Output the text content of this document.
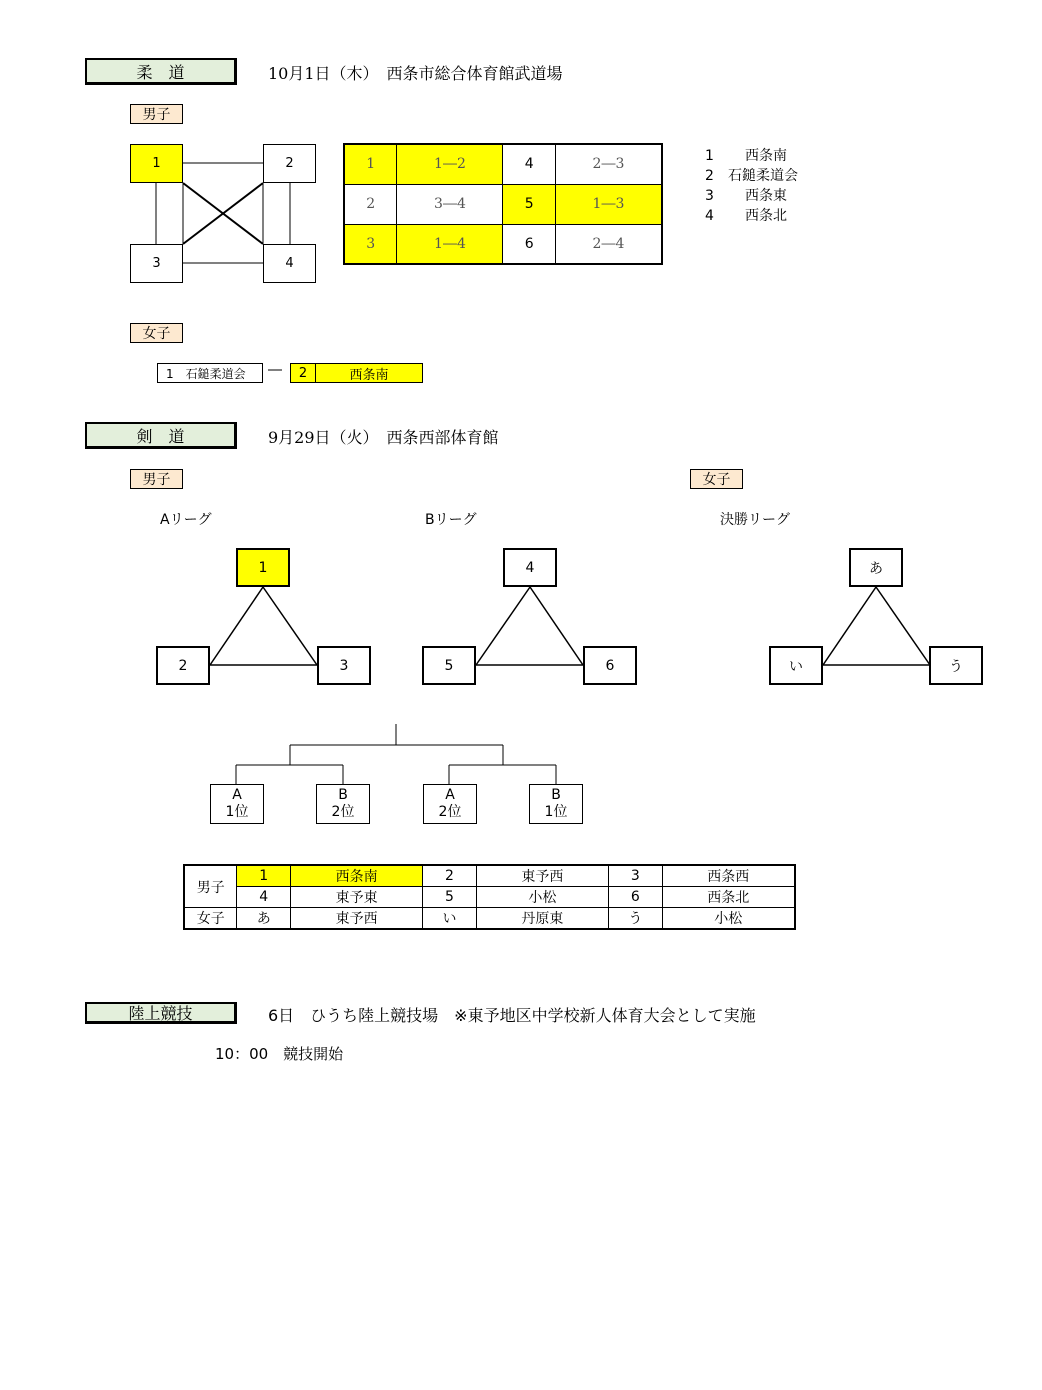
柔　道	10月1日（木）　西条市総合体育館武道場
男子
1	2
3	4
1	1―2	4	2―3
2	3―4	5	1―3
3	1―4	6	2―4
1 西条南
2 石鎚柔道会
3 西条東
4 西条北
女子
1　石鎚柔道会	―	2	西条南
剣　道	9月29日（火）　西条西部体育館
男子	女子
Aリーグ	Bリーグ	決勝リーグ
1
2	3
4
5	6
あ
い	う
A
1位
B
2位
A
2位
B
1位
男子	1	西条南	2	東予西	3	西条西
	4	東予東	5	小松	6	西条北
女子	あ	東予西	い	丹原東	う	小松
陸上競技	6日　ひうち陸上競技場　※東予地区中学校新人体育大会として実施
10：00　競技開始
